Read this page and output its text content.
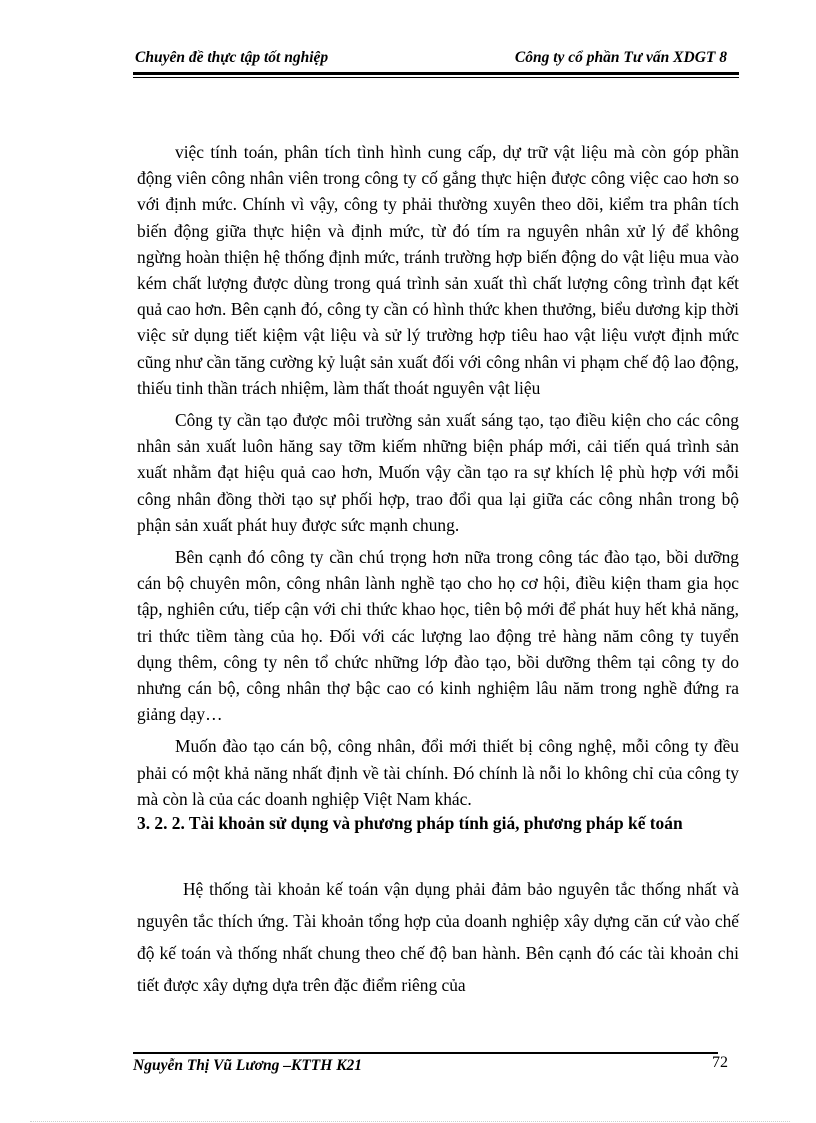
Chuyên đề thực tập tốt nghiệp	Công ty cổ phần Tư vấn XDGT 8

việc tính toán, phân tích tình hình cung cấp, dự trữ vật liệu mà còn góp phần động viên công nhân viên trong công ty cố gắng thực hiện được công việc cao hơn so với định mức. Chính vì vậy, công ty phải thường xuyên theo dõi, kiểm tra phân tích biến động giữa thực hiện và định mức, từ đó tím ra nguyên nhân xử lý để không ngừng hoàn thiện hệ thống định mức, tránh trường hợp biến động do vật liệu mua vào kém chất lượng được dùng trong quá trình sản xuất thì chất lượng công trình đạt kết quả cao hơn. Bên cạnh đó, công ty cần có hình thức khen thưởng, biểu dương kịp thời việc sử dụng tiết kiệm vật liệu và sử lý trường hợp tiêu hao vật liệu vượt định mức cũng như cần tăng cường kỷ luật sản xuất đối với công nhân vi phạm chế độ lao động, thiếu tinh thần trách nhiệm, làm thất thoát nguyên vật liệu

Công ty cần tạo được môi trường sản xuất sáng tạo, tạo điều kiện cho các công nhân sản xuất luôn hăng say tỡm kiếm những biện pháp mới, cải tiến quá trình sản xuất nhằm đạt hiệu quả cao hơn, Muốn vậy cần tạo ra sự khích lệ phù hợp với mỗi công nhân đồng thời tạo sự phối hợp, trao đổi qua lại giữa các công nhân trong bộ phận sản xuất phát huy được sức mạnh chung.

Bên cạnh đó công ty cần chú trọng hơn nữa trong công tác đào tạo, bồi dưỡng cán bộ chuyên môn, công nhân lành nghề tạo cho họ cơ hội, điều kiện tham gia học tập, nghiên cứu, tiếp cận với chi thức khao học, tiên bộ mới để phát huy hết khả năng, tri thức tiềm tàng của họ. Đối với các lượng lao động trẻ hàng năm công ty tuyển dụng thêm, công ty nên tổ chức những lớp đào tạo, bồi dưỡng thêm tại công ty do nhưng cán bộ, công nhân thợ bậc cao có kinh nghiệm lâu năm trong nghề đứng ra giảng dạy…

Muốn đào tạo cán bộ, công nhân, đổi mới thiết bị công nghệ, mỗi công ty đều phải có một khả năng nhất định về tài chính. Đó chính là nỗi lo không chỉ của công ty mà còn là của các doanh nghiệp Việt Nam khác.

3. 2. 2. Tài khoản sử dụng và phương pháp tính giá, phương pháp kế toán

Hệ thống tài khoản kế toán vận dụng phải đảm bảo nguyên tắc thống nhất và nguyên tắc thích ứng. Tài khoản tổng hợp của doanh nghiệp xây dựng căn cứ vào chế độ kế toán và thống nhất chung theo chế độ ban hành. Bên cạnh đó các tài khoản chi tiết được xây dựng dựa trên đặc điểm riêng của

Nguyễn Thị Vũ Lương –KTTH K21	72
